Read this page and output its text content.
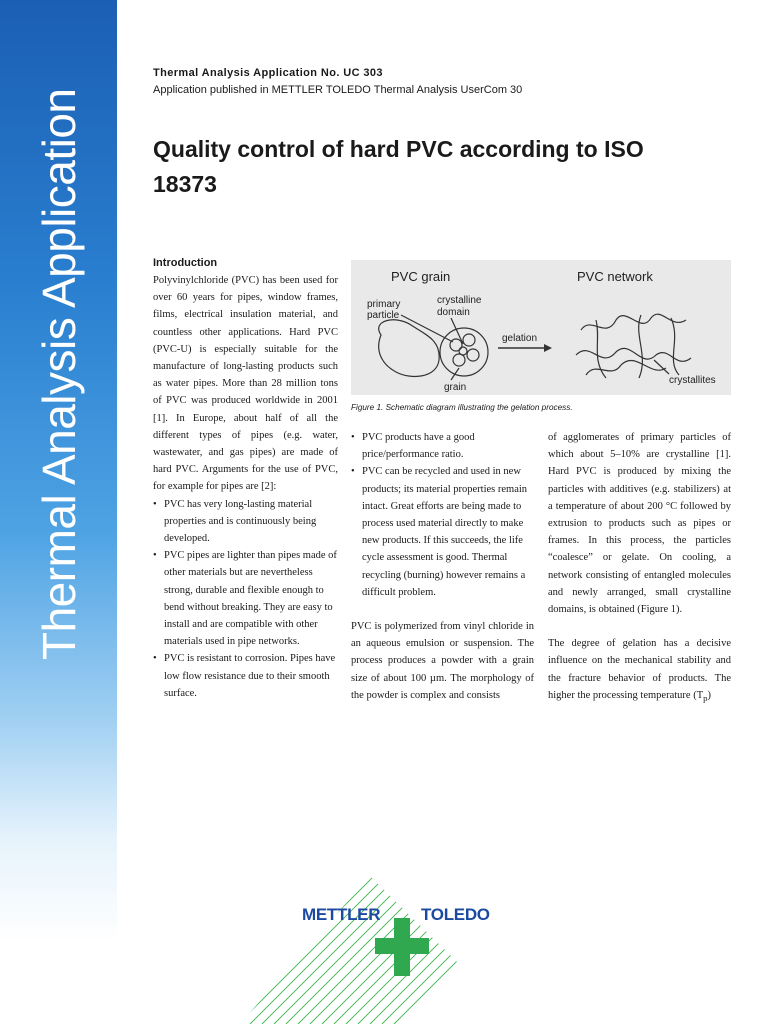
Thermal Analysis Application
Thermal Analysis Application No. UC 303
Application published in METTLER TOLEDO Thermal Analysis UserCom 30
Quality control of hard PVC according to ISO 18373
Introduction

Polyvinylchloride (PVC) has been used for over 60 years for pipes, window frames, films, electrical insulation material, and countless other applications. Hard PVC (PVC-U) is especially suitable for the manufacture of long-lasting products such as water pipes. More than 28 million tons of PVC was produced worldwide in 2001 [1]. In Europe, about half of all the different types of pipes (e.g. water, wastewater, and gas pipes) are made of hard PVC. Arguments for the use of PVC, for example for pipes are [2]:

• PVC has very long-lasting material properties and is continuously being developed.
• PVC pipes are lighter than pipes made of other materials but are nevertheless strong, durable and flexible enough to bend without breaking. They are easy to install and are compatible with other materials used in pipe networks.
• PVC is resistant to corrosion. Pipes have low flow resistance due to their smooth surface.
PVC grain	PVC network
primary
particle
crystalline
domain
gelation
grain
crystallites
Figure 1. Schematic diagram illustrating the gelation process.
• PVC products have a good price/performance ratio.
• PVC can be recycled and used in new products; its material properties remain intact. Great efforts are being made to process used material directly to make new products. If this succeeds, the life cycle assessment is good. Thermal recycling (burning) however remains a difficult problem.

PVC is polymerized from vinyl chloride in an aqueous emulsion or suspension. The process produces a powder with a grain size of about 100 µm. The morphology of the powder is complex and consists

of agglomerates of primary particles of which about 5–10% are crystalline [1]. Hard PVC is produced by mixing the particles with additives (e.g. stabilizers) at a temperature of about 200 °C followed by extrusion to products such as pipes or frames. In this process, the particles “coalesce” or gelate. On cooling, a network consisting of entangled molecules and newly arranged, small crystalline domains, is obtained (Figure 1).

The degree of gelation has a decisive influence on the mechanical stability and the fracture behavior of products. The higher the processing temperature $(T_p)$

METTLER TOLEDO
